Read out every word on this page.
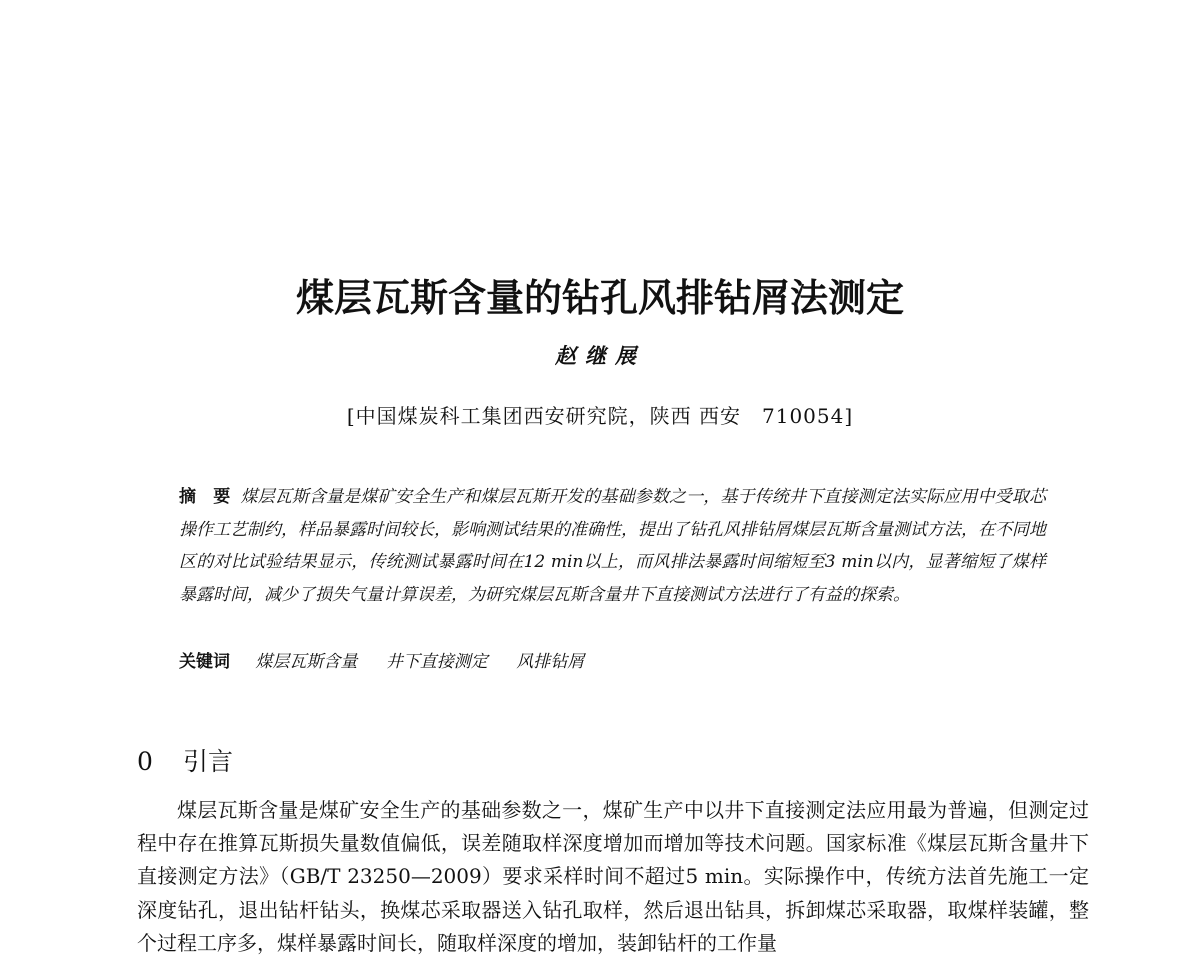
煤层瓦斯含量的钻孔风排钻屑法测定
赵继展
[中国煤炭科工集团西安研究院，陕西 西安　710054]
摘　要 煤层瓦斯含量是煤矿安全生产和煤层瓦斯开发的基础参数之一，基于传统井下直接测定法实际应用中受取芯操作工艺制约，样品暴露时间较长，影响测试结果的准确性，提出了钻孔风排钻屑煤层瓦斯含量测试方法，在不同地区的对比试验结果显示，传统测试暴露时间在12 min以上，而风排法暴露时间缩短至3 min以内，显著缩短了煤样暴露时间，减少了损失气量计算误差，为研究煤层瓦斯含量井下直接测试方法进行了有益的探索。
关键词 煤层瓦斯含量 井下直接测定 风排钻屑
0 引言

煤层瓦斯含量是煤矿安全生产的基础参数之一，煤矿生产中以井下直接测定法应用最为普遍，但测定过程中存在推算瓦斯损失量数值偏低，误差随取样深度增加而增加等技术问题。国家标准《煤层瓦斯含量井下直接测定方法》（GB/T 23250—2009）要求采样时间不超过5 min。实际操作中，传统方法首先施工一定深度钻孔，退出钻杆钻头，换煤芯采取器送入钻孔取样，然后退出钻具，拆卸煤芯采取器，取煤样装罐，整个过程工序多，煤样暴露时间长，随取样深度的增加，装卸钻杆的工作量
